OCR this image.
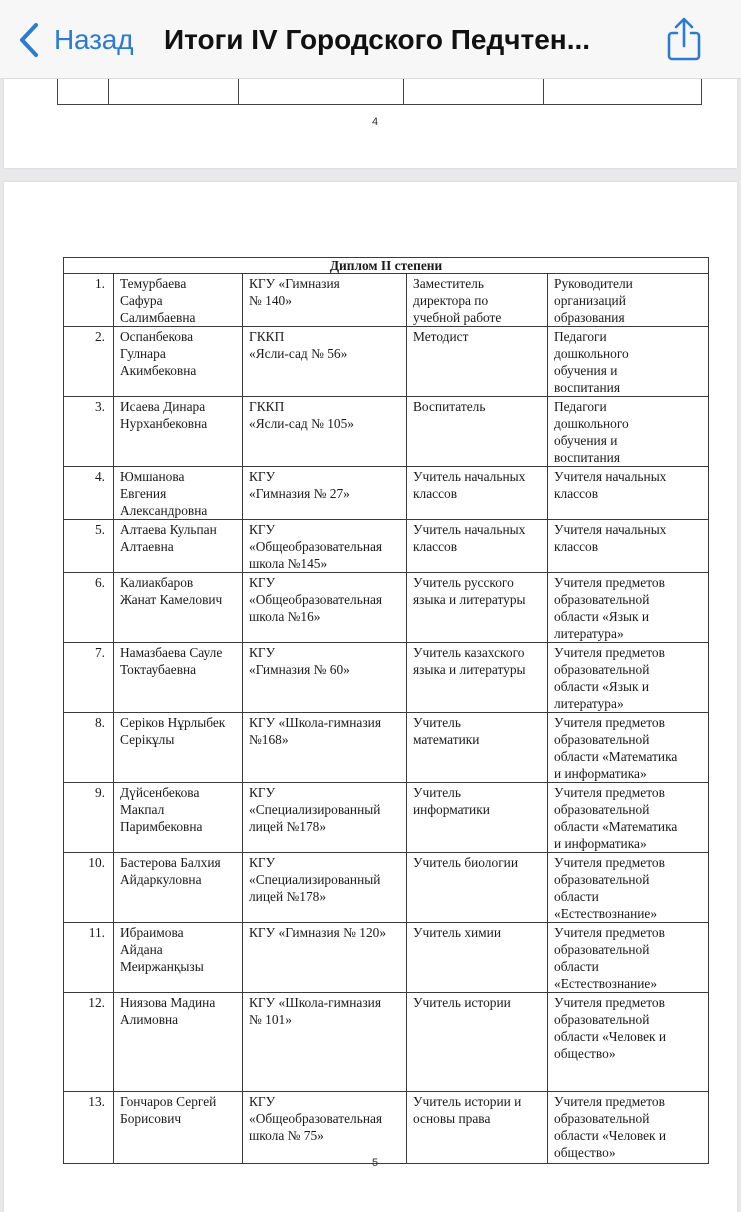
Назад Итоги IV Городского Педчтен...
4
Диплом II степени				

1.	Темурбаева
Сафура
Салимбаевна	КГУ «Гимназия
№ 140»	Заместитель
директора по
учебной работе	Руководители
организаций
образования

2.	Оспанбекова
Гулнара
Акимбековна	ГККП
«Ясли-сад № 56»	Методист	Педагоги
дошкольного
обучения и
воспитания

3.	Исаева Динара
Нурханбековна	ГККП
«Ясли-сад № 105»	Воспитатель	Педагоги
дошкольного
обучения и
воспитания

4.	Юмшанова
Евгения
Александровна	КГУ
«Гимназия № 27»	Учитель начальных
классов	Учителя начальных
классов

5.	Алтаева Кульпан
Алтаевна	КГУ
«Общеобразовательная
школа №145»	Учитель начальных
классов	Учителя начальных
классов

6.	Калиакбаров
Жанат Камелович	КГУ
«Общеобразовательная
школа №16»	Учитель русского
языка и литературы	Учителя предметов
образовательной
области «Язык и
литература»

7.	Намазбаева Сауле
Токтаубаевна	КГУ
«Гимназия № 60»	Учитель казахского
языка и литературы	Учителя предметов
образовательной
области «Язык и
литература»

8.	Серіков Нұрлыбек
Серікұлы	КГУ «Школа-гимназия
№168»	Учитель
математики	Учителя предметов
образовательной
области «Математика
и информатика»

9.	Дүйсенбекова
Макпал
Паримбековна	КГУ
«Специализированный
лицей №178»	Учитель
информатики	Учителя предметов
образовательной
области «Математика
и информатика»

10.	Бастерова Балхия
Айдаркуловна	КГУ
«Специализированный
лицей №178»	Учитель биологии	Учителя предметов
образовательной
области
«Естествознание»

11.	Ибраимова
Айдана
Меиржанқызы	КГУ «Гимназия № 120»	Учитель химии	Учителя предметов
образовательной
области
«Естествознание»

12.	Ниязова Мадина
Алимовна	КГУ «Школа-гимназия
№ 101»	Учитель истории	Учителя предметов
образовательной
области «Человек и
общество»

13.	Гончаров Сергей
Борисович	КГУ
«Общеобразовательная
школа № 75»	Учитель истории и
основы права	Учителя предметов
образовательной
области «Человек и
общество»
5
